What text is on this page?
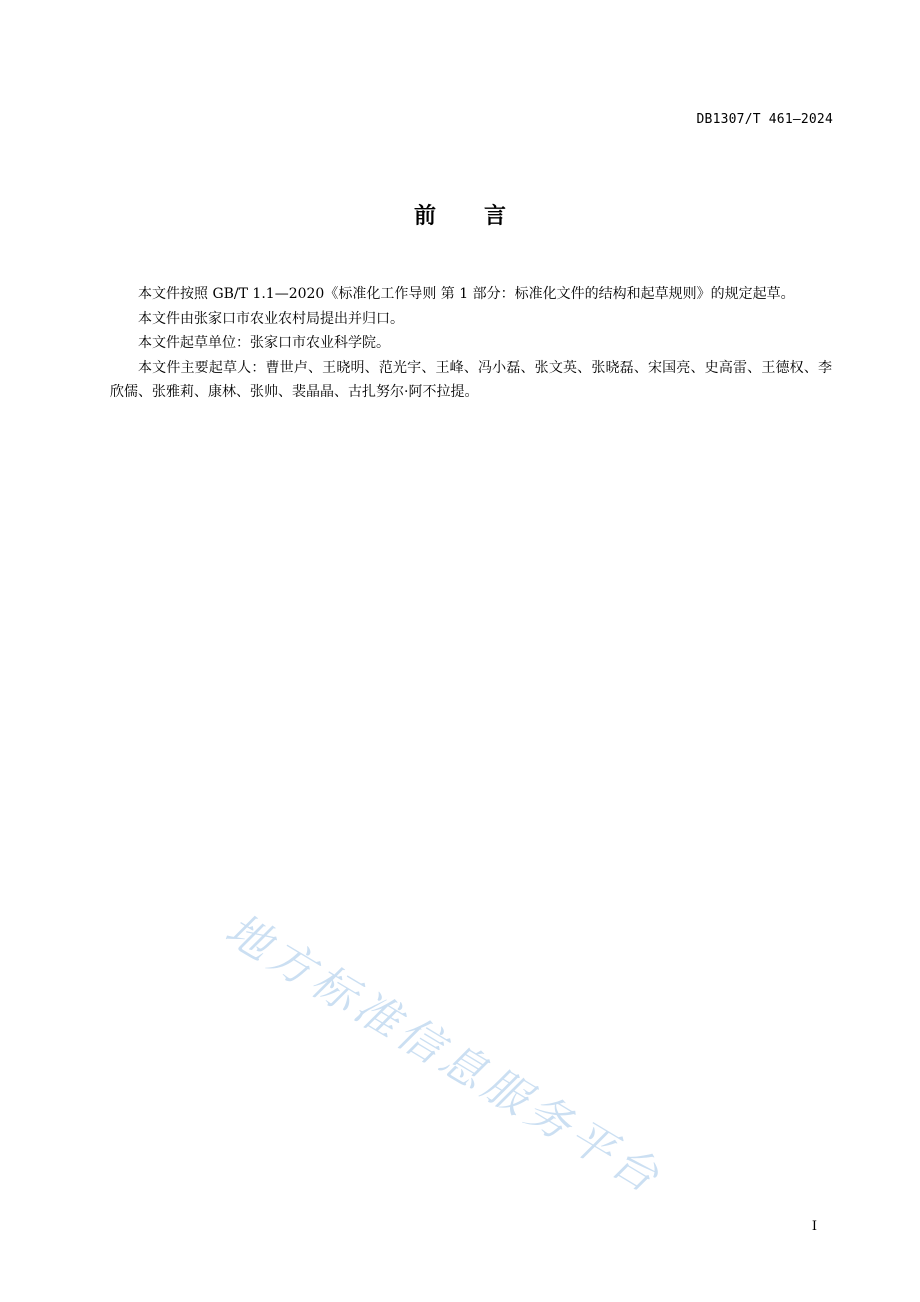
DB1307/T 461—2024
前 言

本文件按照 GB/T 1.1—2020《标准化工作导则 第 1 部分：标准化文件的结构和起草规则》的规定起草。

本文件由张家口市农业农村局提出并归口。

本文件起草单位：张家口市农业科学院。

本文件主要起草人：曹世卢、王晓明、范光宇、王峰、冯小磊、张文英、张晓磊、宋国亮、史高雷、王德权、李欣儒、张雅莉、康林、张帅、裴晶晶、古扎努尔·阿不拉提。

地方标准信息服务平台
I
